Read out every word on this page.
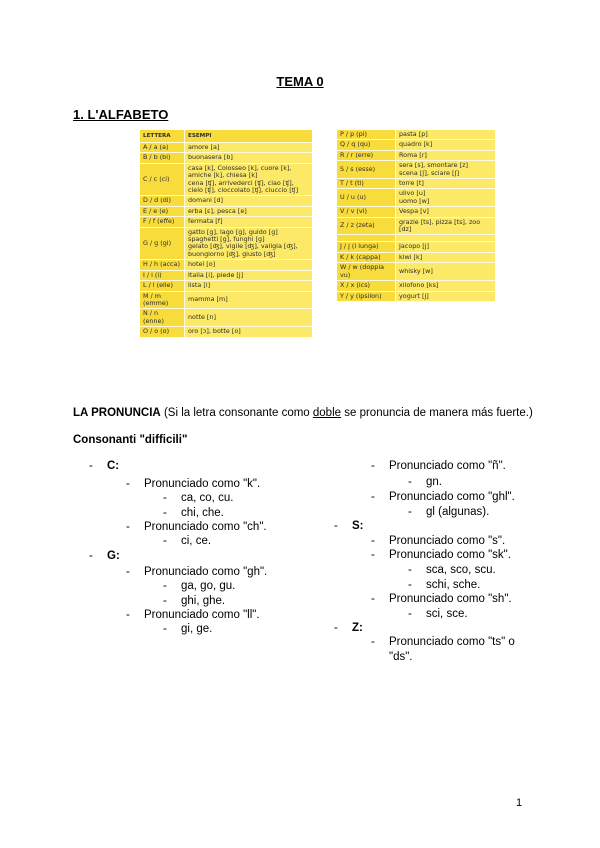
TEMA 0
1. L'ALFABETO
LETTERA	ESEMPI
A / a (a)	amore [a]

B / b (bi)	buonasera [b]

C / c (ci)	casa [k], Colosseo [k], cuore [k],
amiche [k], chiesa [k]
cena [ʧ], arrivederci [ʧ], ciao [ʧ],
cielo [ʧ], cioccolato [ʧ], ciuccio [ʧ]

D / d (di)	domani [d]

E / e (e)	erba [ɛ], pesca [e]

F / f (effe)	fermata [f]

G / g (gi)	gatto [g], lago [g], guido [g]
spaghetti [g], funghi [g]
gelato [ʤ], vigile [ʤ], valigia [ʤ],
buongiorno [ʤ], giusto [ʤ]

H / h (acca)	hotel [o]

I / i (i)	Italia [i], piede [j]

L / l (elle)	lista [l]

M / m (emme)	mamma [m]

N / n (enne)	notte [n]

O / o (o)	oro [ɔ], botte [o]
P / p (pi)	pasta [p]

Q / q (qu)	quadro [k]

R / r (erre)	Roma [r]

S / s (esse)	sera [s], smontare [z]
scena [ʃ], sciare [ʃ]

T / t (ti)	torre [t]

U / u (u)	ulivo [u]
uomo [w]

V / v (vi)	Vespa [v]

Z / z (zeta)	grazie [ts], pizza [ts], zoo [dz]

J / j (i lunga)	Jacopo [j]

K / k (cappa)	kiwi [k]

W / w (doppia vu)	whisky [w]

X / x (ics)	xilofono [ks]

Y / y (ipsilon)	yogurt [j]
LA PRONUNCIA (Si la letra consonante como doble se pronuncia de manera más fuerte.)
Consonanti "difficili"
- C:
- Pronunciado como "k".
- ca, co, cu.
- chi, che.
- Pronunciado como "ch".
- ci, ce.
- G:
- Pronunciado como "gh".
- ga, go, gu.
- ghi, ghe.
- Pronunciado como "ll".
- gi, ge.
- Pronunciado como "ñ".
- gn.
- Pronunciado como "ghl".
- gl (algunas).
- S:
- Pronunciado como "s".
- Pronunciado como "sk".
- sca, sco, scu.
- schi, sche.
- Pronunciado como "sh".
- sci, sce.
- Z:
- Pronunciado como "ts" o
"ds".
1
